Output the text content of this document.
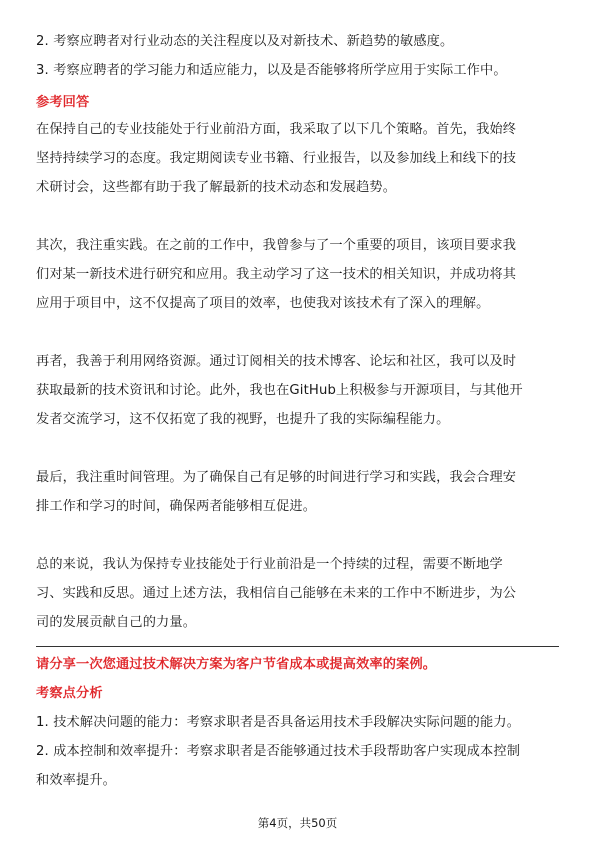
2. 考察应聘者对行业动态的关注程度以及对新技术、新趋势的敏感度。
3. 考察应聘者的学习能力和适应能力，以及是否能够将所学应用于实际工作中。
参考回答
在保持自己的专业技能处于行业前沿方面，我采取了以下几个策略。首先，我始终
坚持持续学习的态度。我定期阅读专业书籍、行业报告，以及参加线上和线下的技
术研讨会，这些都有助于我了解最新的技术动态和发展趋势。
其次，我注重实践。在之前的工作中，我曾参与了一个重要的项目，该项目要求我
们对某一新技术进行研究和应用。我主动学习了这一技术的相关知识，并成功将其
应用于项目中，这不仅提高了项目的效率，也使我对该技术有了深入的理解。
再者，我善于利用网络资源。通过订阅相关的技术博客、论坛和社区，我可以及时
获取最新的技术资讯和讨论。此外，我也在GitHub上积极参与开源项目，与其他开
发者交流学习，这不仅拓宽了我的视野，也提升了我的实际编程能力。
最后，我注重时间管理。为了确保自己有足够的时间进行学习和实践，我会合理安
排工作和学习的时间，确保两者能够相互促进。
总的来说，我认为保持专业技能处于行业前沿是一个持续的过程，需要不断地学
习、实践和反思。通过上述方法，我相信自己能够在未来的工作中不断进步，为公
司的发展贡献自己的力量。
请分享一次您通过技术解决方案为客户节省成本或提高效率的案例。
考察点分析
1. 技术解决问题的能力：考察求职者是否具备运用技术手段解决实际问题的能力。
2. 成本控制和效率提升：考察求职者是否能够通过技术手段帮助客户实现成本控制
和效率提升。
第4页，共50页
